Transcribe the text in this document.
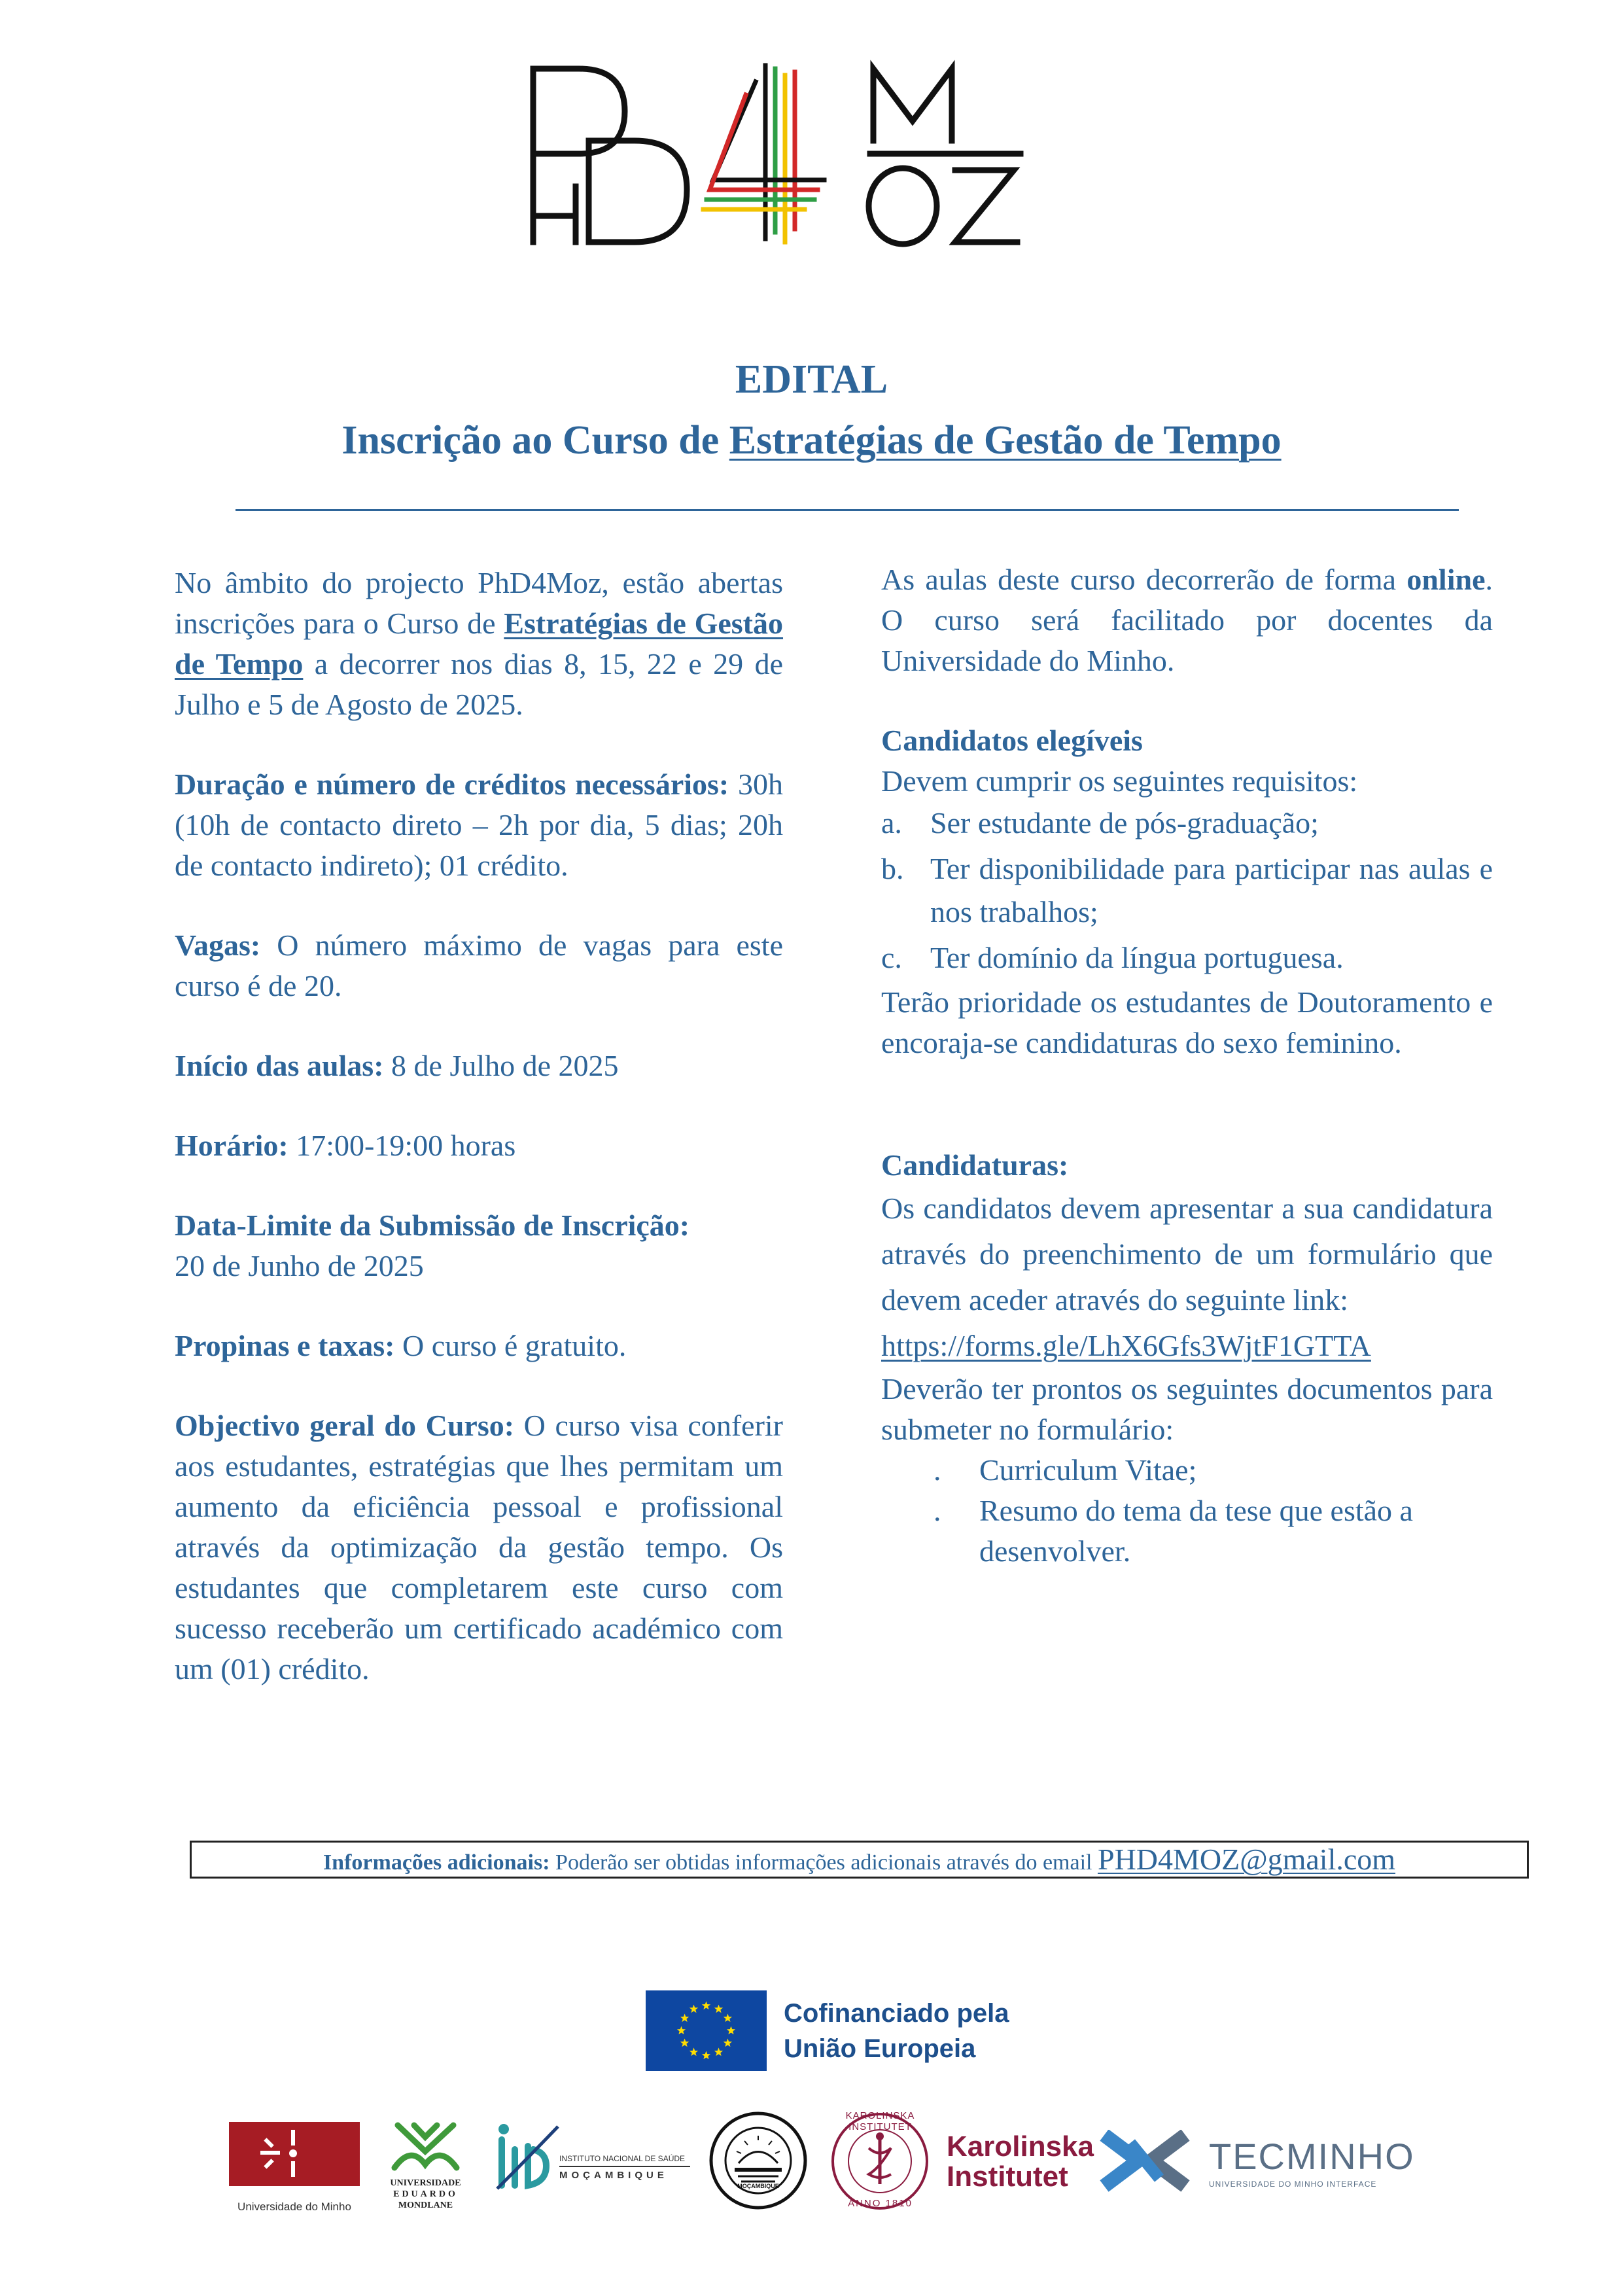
EDITAL
Inscrição ao Curso de Estratégias de Gestão de Tempo

No âmbito do projecto PhD4Moz, estão abertas inscrições para o Curso de Estratégias de Gestão de Tempo a decorrer nos dias 8, 15, 22 e 29 de Julho e 5 de Agosto de 2025.

Duração e número de créditos necessários: 30h (10h de contacto direto – 2h por dia, 5 dias; 20h de contacto indireto); 01 crédito.

Vagas: O número máximo de vagas para este curso é de 20.

Início das aulas: 8 de Julho de 2025

Horário: 17:00-19:00 horas

Data-Limite da Submissão de Inscrição:
20 de Junho de 2025

Propinas e taxas: O curso é gratuito.

Objectivo geral do Curso: O curso visa conferir aos estudantes, estratégias que lhes permitam um aumento da eficiência pessoal e profissional através da optimização da gestão tempo. Os estudantes que completarem este curso com sucesso receberão um certificado académico com um (01) crédito.

As aulas deste curso decorrerão de forma online. O curso será facilitado por docentes da Universidade do Minho.

Candidatos elegíveis

Devem cumprir os seguintes requisitos:

a. Ser estudante de pós-graduação;
b. Ter disponibilidade para participar nas aulas e nos trabalhos;
c. Ter domínio da língua portuguesa.

Terão prioridade os estudantes de Doutoramento e encoraja-se candidaturas do sexo feminino.

Candidaturas:

Os candidatos devem apresentar a sua candidatura através do preenchimento de um formulário que devem aceder através do seguinte link:

https://forms.gle/LhX6Gfs3WjtF1GTTA

Deverão ter prontos os seguintes documentos para submeter no formulário:

.	Curriculum Vitae;
.	Resumo do tema da tese que estão a desenvolver.
Informações adicionais: Poderão ser obtidas informações adicionais através do email PHD4MOZ@gmail.com
Cofinanciado pela
União Europeia
Universidade do Minho
UNIVERSIDADE
EDUARDO
MONDLANE
INSTITUTO NACIONAL DE SAÚDE
MOÇAMBIQUE
MOÇAMBIQUE
KAROLINSKA INSTITUTET
ANNO 1810
Karolinska
Institutet	TECMINHO
UNIVERSIDADE DO MINHO INTERFACE
